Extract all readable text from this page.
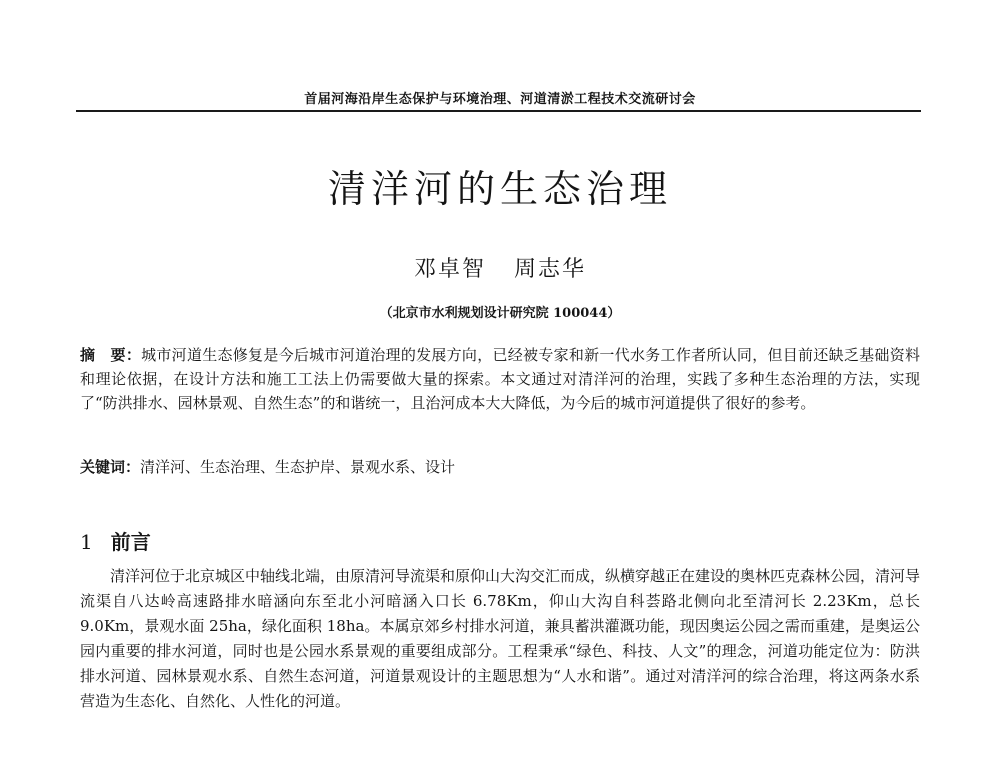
首届河海沿岸生态保护与环境治理、河道清淤工程技术交流研讨会
清洋河的生态治理
邓卓智 周志华
（北京市水利规划设计研究院 100044）
摘　要：城市河道生态修复是今后城市河道治理的发展方向，已经被专家和新一代水务工作者所认同，但目前还缺乏基础资料和理论依据，在设计方法和施工工法上仍需要做大量的探索。本文通过对清洋河的治理，实践了多种生态治理的方法，实现了“防洪排水、园林景观、自然生态”的和谐统一，且治河成本大大降低，为今后的城市河道提供了很好的参考。
关键词：清洋河、生态治理、生态护岸、景观水系、设计
1 前言
清洋河位于北京城区中轴线北端，由原清河导流渠和原仰山大沟交汇而成，纵横穿越正在建设的奥林匹克森林公园，清河导流渠自八达岭高速路排水暗涵向东至北小河暗涵入口长 6.78Km，仰山大沟自科荟路北侧向北至清河长 2.23Km，总长 9.0Km，景观水面 25ha，绿化面积 18ha。本属京郊乡村排水河道，兼具蓄洪灌溉功能，现因奥运公园之需而重建，是奥运公园内重要的排水河道，同时也是公园水系景观的重要组成部分。工程秉承“绿色、科技、人文”的理念，河道功能定位为：防洪排水河道、园林景观水系、自然生态河道，河道景观设计的主题思想为“人水和谐”。通过对清洋河的综合治理，将这两条水系营造为生态化、自然化、人性化的河道。
